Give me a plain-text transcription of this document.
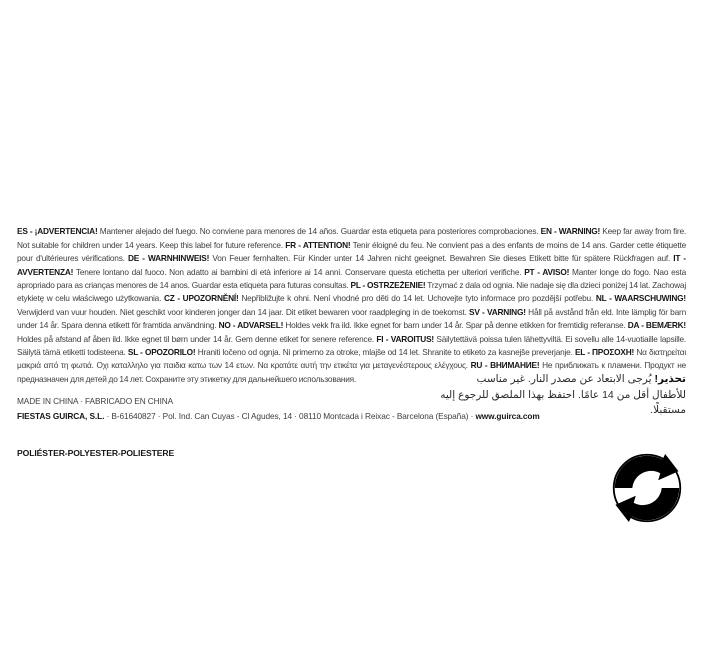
ES - ¡ADVERTENCIA! Mantener alejado del fuego. No conviene para menores de 14 años. Guardar esta etiqueta para posteriores comprobaciones. EN - WARNING! Keep far away from fire. Not suitable for children under 14 years. Keep this label for future reference. FR - ATTENTION! Tenir éloigné du feu. Ne convient pas a des enfants de moins de 14 ans. Garder cette étiquette pour d'ultérieures vérifications. DE - WARNHINWEIS! Von Feuer fernhalten. Für Kinder unter 14 Jahren nicht geeignet. Bewahren Sie dieses Etikett bitte für spätere Rückfragen auf. IT - AVVERTENZA! Tenere lontano dal fuoco. Non adatto ai bambini di età inferiore ai 14 anni. Conservare questa etichetta per ulteriori verifiche. PT - AVISO! Manter longe do fogo. Nao esta apropriado para as crianças menores de 14 anos. Guardar esta etiqueta para futuras consultas. PL - OSTRZEŻENIE! Trzymać z dala od ognia. Nie nadaje się dla dzieci poniżej 14 lat. Zachowaj etykietę w celu właściwego użytkowania. CZ - UPOZORNĚNÍ! Nepřibližujte k ohni. Není vhodné pro děti do 14 let. Uchovejte tyto informace pro pozdější potřebu. NL - WAARSCHUWING! Verwijderd van vuur houden. Niet geschikt voor kinderen jonger dan 14 jaar. Dit etiket bewaren voor raadpleging in de toekomst. SV - VARNING! Håll på avstånd från eld. Inte lämplig för barn under 14 år. Spara denna etikett för framtida användning. NO - ADVARSEL! Holdes vekk fra ild. Ikke egnet for barn under 14 år. Spar på denne etikken for fremtidig referanse. DA - BEMÆRK! Holdes på afstand af åben ild. Ikke egnet til børn under 14 år. Gem denne etiket for senere reference. FI - VAROITUS! Säilytettävä poissa tulen lähettyviltä. Ei sovellu alle 14-vuotiaille lapsille. Säilytä tämä etiketti todisteena. SL - OPOZORILO! Hraniti ločeno od ognja. Ni primerno za otroke, mlajše od 14 let. Shranite to etiketo za kasnejše preverjanje. EL - ΠΡΟΣΟΧΗ! Να διατηρείται μακριά από τη φωτιά. Οχι καταλληλο για παιδια κατω των 14 ετων. Να κρατάτε αυτή την ετικέτα για μεταγενέστερους ελέγχους. RU - ВНИМАНИЕ! Не приближать к пламени. Продукт не предназначен для детей до 14 лет. Сохраните эту этикетку для дальнейшего использования.	تحذير! يُرجى الابتعاد عن مصدر النار. غير مناسب للأطفال أقل من 14 عامًا. احتفظ بهذا الملصق للرجوع إليه مستقبلًا.
MADE IN CHINA · FABRICADO EN CHINA
FIESTAS GUIRCA, S.L. · B-61640827 · Pol. Ind. Can Cuyas - Cl Agudes, 14 · 08110 Montcada i Reixac - Barcelona (España) · www.guirca.com
POLIÉSTER-POLYESTER-POLIESTERE
